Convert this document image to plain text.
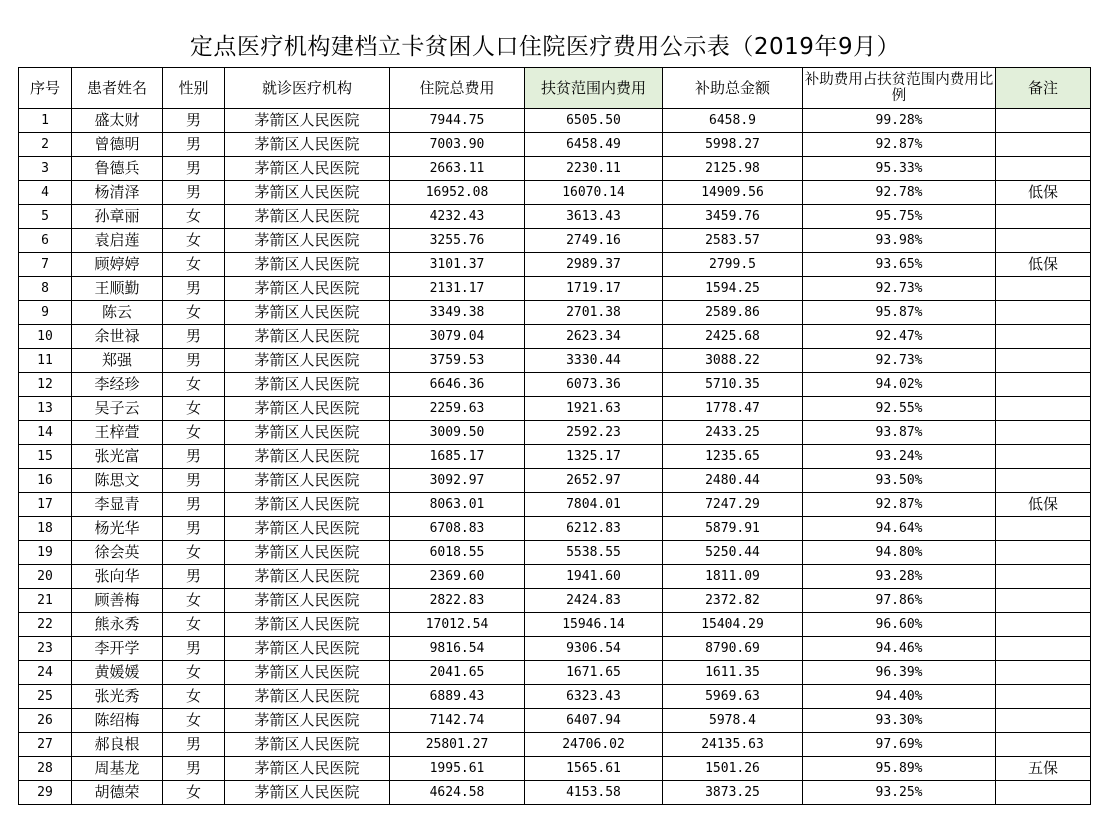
定点医疗机构建档立卡贫困人口住院医疗费用公示表（2019年9月）
序号	患者姓名	性别	就诊医疗机构	住院总费用	扶贫范围内费用	补助总金额	补助费用占扶贫范围内费用比例	备注
1	盛太财	男	茅箭区人民医院	7944.75	6505.50	6458.9	99.28%	
2	曾德明	男	茅箭区人民医院	7003.90	6458.49	5998.27	92.87%	
3	鲁德兵	男	茅箭区人民医院	2663.11	2230.11	2125.98	95.33%	
4	杨清泽	男	茅箭区人民医院	16952.08	16070.14	14909.56	92.78%	低保
5	孙章丽	女	茅箭区人民医院	4232.43	3613.43	3459.76	95.75%	
6	袁启莲	女	茅箭区人民医院	3255.76	2749.16	2583.57	93.98%	
7	顾婷婷	女	茅箭区人民医院	3101.37	2989.37	2799.5	93.65%	低保
8	王顺勤	男	茅箭区人民医院	2131.17	1719.17	1594.25	92.73%	
9	陈云	女	茅箭区人民医院	3349.38	2701.38	2589.86	95.87%	
10	余世禄	男	茅箭区人民医院	3079.04	2623.34	2425.68	92.47%	
11	郑强	男	茅箭区人民医院	3759.53	3330.44	3088.22	92.73%	
12	李经珍	女	茅箭区人民医院	6646.36	6073.36	5710.35	94.02%	
13	吴子云	女	茅箭区人民医院	2259.63	1921.63	1778.47	92.55%	
14	王梓萱	女	茅箭区人民医院	3009.50	2592.23	2433.25	93.87%	
15	张光富	男	茅箭区人民医院	1685.17	1325.17	1235.65	93.24%	
16	陈思文	男	茅箭区人民医院	3092.97	2652.97	2480.44	93.50%	
17	李显青	男	茅箭区人民医院	8063.01	7804.01	7247.29	92.87%	低保
18	杨光华	男	茅箭区人民医院	6708.83	6212.83	5879.91	94.64%	
19	徐会英	女	茅箭区人民医院	6018.55	5538.55	5250.44	94.80%	
20	张向华	男	茅箭区人民医院	2369.60	1941.60	1811.09	93.28%	
21	顾善梅	女	茅箭区人民医院	2822.83	2424.83	2372.82	97.86%	
22	熊永秀	女	茅箭区人民医院	17012.54	15946.14	15404.29	96.60%	
23	李开学	男	茅箭区人民医院	9816.54	9306.54	8790.69	94.46%	
24	黄媛媛	女	茅箭区人民医院	2041.65	1671.65	1611.35	96.39%	
25	张光秀	女	茅箭区人民医院	6889.43	6323.43	5969.63	94.40%	
26	陈绍梅	女	茅箭区人民医院	7142.74	6407.94	5978.4	93.30%	
27	郝良根	男	茅箭区人民医院	25801.27	24706.02	24135.63	97.69%	
28	周基龙	男	茅箭区人民医院	1995.61	1565.61	1501.26	95.89%	五保
29	胡德荣	女	茅箭区人民医院	4624.58	4153.58	3873.25	93.25%	
